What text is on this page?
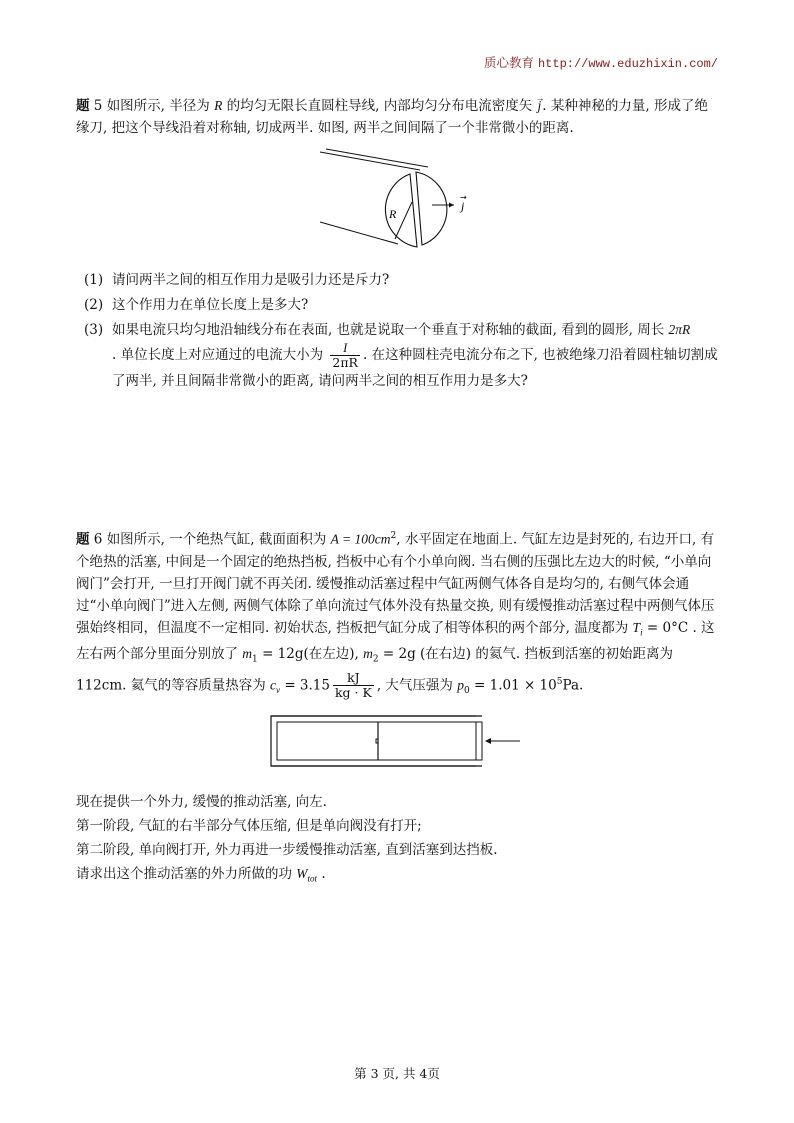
质心教育 http://www.eduzhixin.com/
题 5 如图所示, 半径为 R 的均匀无限长直圆柱导线, 内部均匀分布电流密度矢 → j. 某种神秘的力量, 形成了绝缘刀, 把这个导线沿着对称轴, 切成两半. 如图, 两半之间间隔了一个非常微小的距离.
R
j
→
(1) 请问两半之间的相互作用力是吸引力还是斥力?
(2) 这个作用力在单位长度上是多大?
(3) 如果电流只均匀地沿轴线分布在表面, 也就是说取一个垂直于对称轴的截面, 看到的圆形, 周长 2πR
. 单位长度上对应通过的电流大小为 $\frac{I}{2\pi R}$ . 在这种圆柱壳电流分布之下, 也被绝缘刀沿着圆柱轴切割成了两半, 并且间隔非常微小的距离, 请问两半之间的相互作用力是多大?
题 6 如图所示, 一个绝热气缸, 截面面积为 $A = 100cm^2$, 水平固定在地面上. 气缸左边是封死的, 右边开口, 有个绝热的活塞, 中间是一个固定的绝热挡板, 挡板中心有个小单向阀. 当右侧的压强比左边大的时候, “小单向阀门”会打开, 一旦打开阀门就不再关闭. 缓慢推动活塞过程中气缸两侧气体各自是均匀的, 右侧气体会通过“小单向阀门”进入左侧, 两侧气体除了单向流过气体外没有热量交换, 则有缓慢推动活塞过程中两侧气体压强始终相同，但温度不一定相同. 初始状态, 挡板把气缸分成了相等体积的两个部分, 温度都为 $T_i = 0^\circ C$ . 这左右两个部分里面分别放了 $m_1 = 12g$(在左边), $m_2 = 2g$ (在右边) 的氦气. 挡板到活塞的初始距离为 112cm. 氦气的等容质量热容为 $c_v = 3.15 \frac{kJ}{kg \cdot K}$ , 大气压强为 $p_0 = 1.01 \times 10^5Pa$.
现在提供一个外力, 缓慢的推动活塞, 向左.
第一阶段, 气缸的右半部分气体压缩, 但是单向阀没有打开;
第二阶段, 单向阀打开, 外力再进一步缓慢推动活塞, 直到活塞到达挡板.
请求出这个推动活塞的外力所做的功 $W_{tot}$ .
第 3 页, 共 4页
